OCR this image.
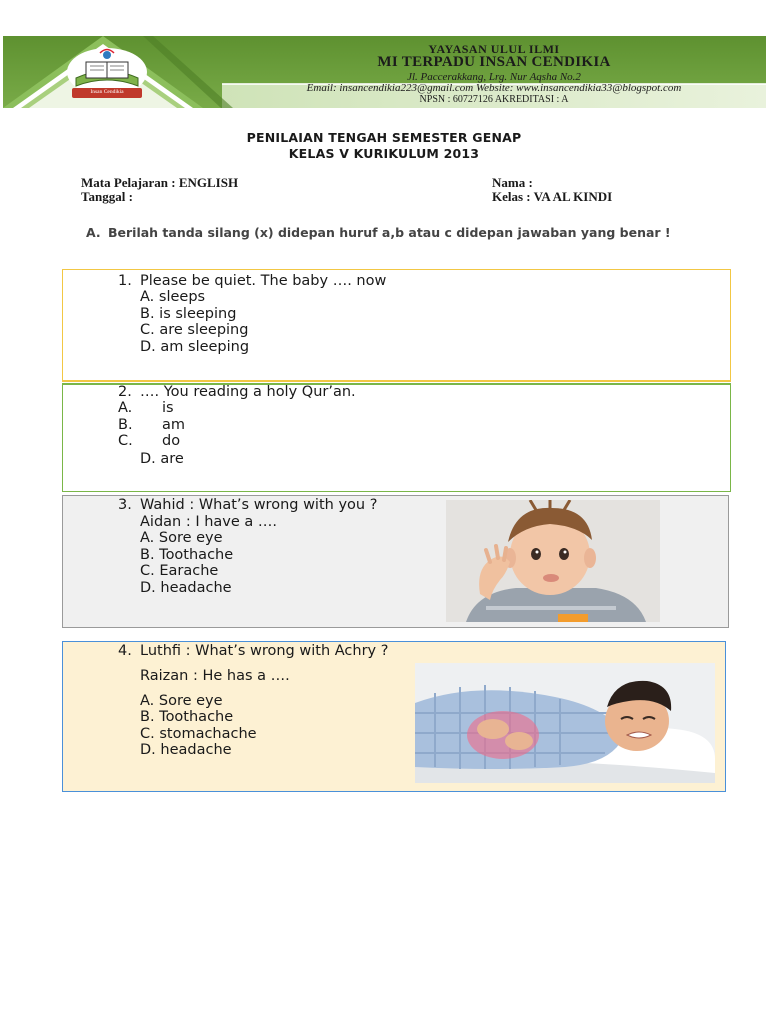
Insan Cendikia
YAYASAN ULUL ILMI
MI TERPADU INSAN CENDIKIA
Jl. Paccerakkang, Lrg. Nur Aqsha No.2
Email: insancendikia223@gmail.com Website: www.insancendikia33@blogspot.com
NPSN : 60727126 AKREDITASI : A
PENILAIAN TENGAH SEMESTER GENAP
KELAS V KURIKULUM 2013
Mata Pelajaran : ENGLISH
Tanggal :
Nama :
Kelas : VA AL KINDI
A. Berilah tanda silang (x) didepan huruf a,b atau c didepan jawaban yang benar !
1. Please be quiet. The baby …. now
A. sleeps
B. is sleeping
C. are sleeping
D. am sleeping
2. …. You reading a holy Qur’an.
A. is
B. am
C. do
D. are
3. Wahid : What’s wrong with you ?
Aidan : I have a ….
A. Sore eye
B. Toothache
C. Earache
D. headache
4. Luthfi : What’s wrong with Achry ?
Raizan : He has a ….
A. Sore eye
B. Toothache
C. stomachache
D. headache
